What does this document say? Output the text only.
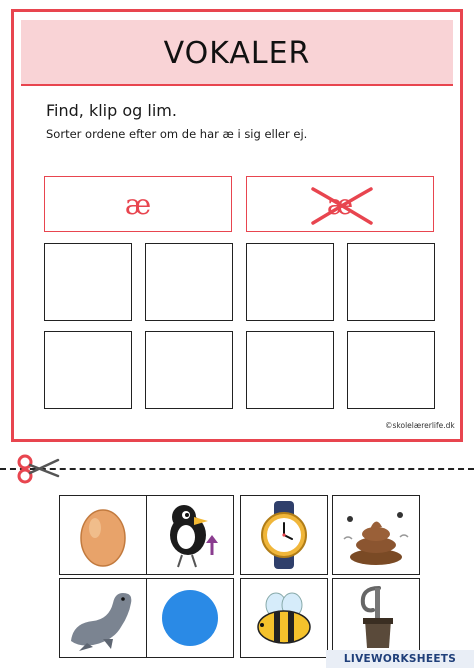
VOKALER
Find, klip og lim.
Sorter ordene efter om de har æ i sig eller ej.
æ	æ
©skolelærerlife.dk
LIVEWORKSHEETS
